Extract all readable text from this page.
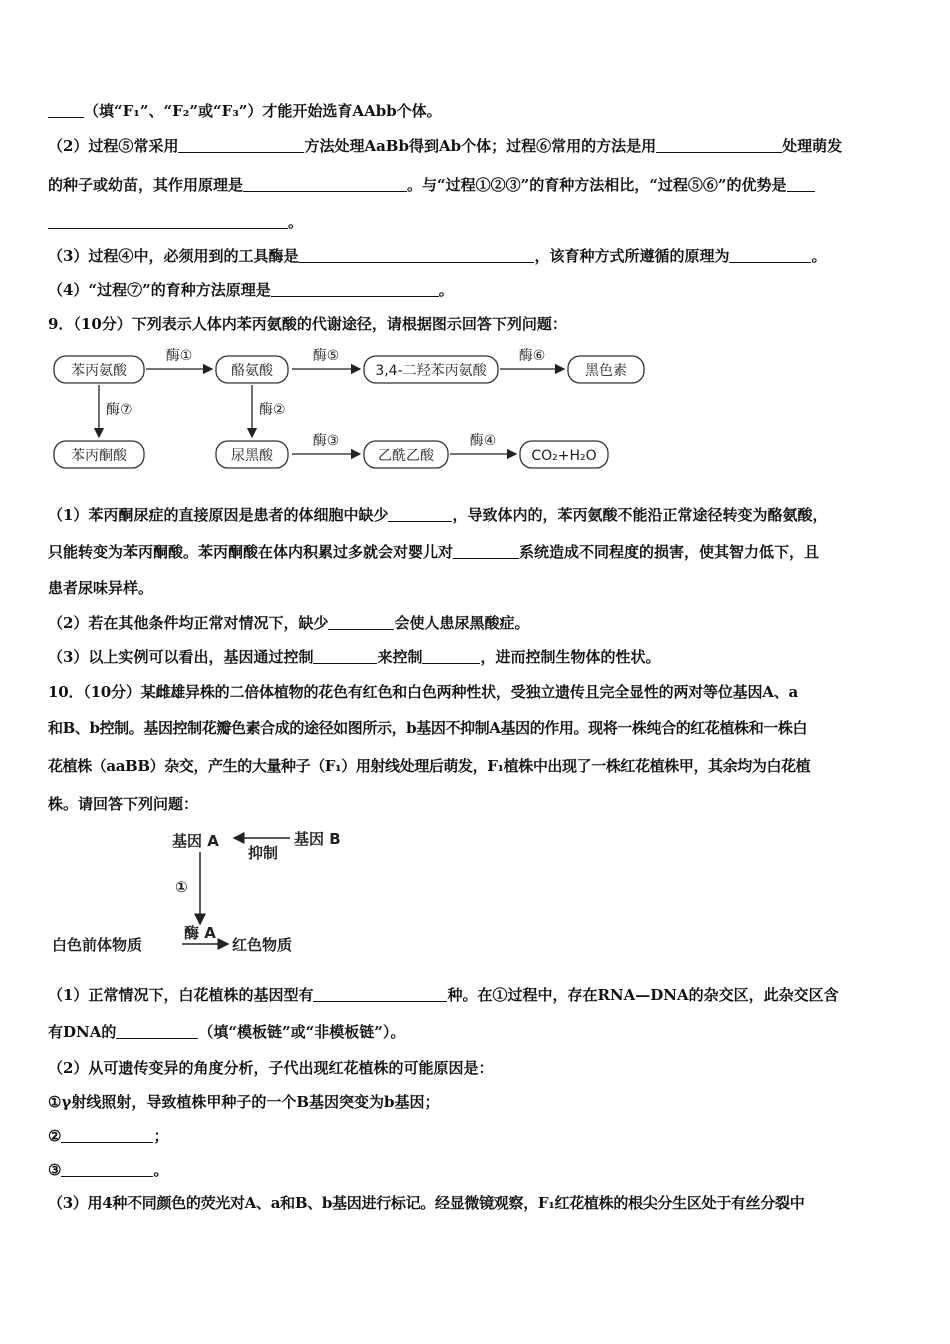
（填“F₁”、“F₂”或“F₃”）才能开始选育AAbb个体。
（2）过程⑤常采用	方法处理AaBb得到Ab个体；过程⑥常用的方法是用	处理萌发
的种子或幼苗，其作用原理是	。与“过程①②③”的育种方法相比，“过程⑤⑥”的优势是
。
（3）过程④中，必须用到的工具酶是	，该育种方式所遵循的原理为	。
（4）“过程⑦”的育种方法原理是	。
9．（10分）下列表示人体内苯丙氨酸的代谢途径，请根据图示回答下列问题：
苯丙氨酸	酪氨酸	3,4-二羟苯丙氨酸	黑色素
苯丙酮酸	尿黑酸	乙酰乙酸	CO₂+H₂O
酶①	酶⑤	酶⑥
酶⑦	酶②
酶③	酶④
（1）苯丙酮尿症的直接原因是患者的体细胞中缺少	，导致体内的，苯丙氨酸不能沿正常途径转变为酪氨酸，
只能转变为苯丙酮酸。苯丙酮酸在体内积累过多就会对婴儿对	系统造成不同程度的损害，使其智力低下，且
患者尿味异样。
（2）若在其他条件均正常对情况下，缺少	会使人患尿黑酸症。
（3）以上实例可以看出，基因通过控制	来控制	，进而控制生物体的性状。
10．（10分）某雌雄异株的二倍体植物的花色有红色和白色两种性状，受独立遗传且完全显性的两对等位基因A、a
和B、b控制。基因控制花瓣色素合成的途径如图所示，b基因不抑制A基因的作用。现将一株纯合的红花植株和一株白
花植株（aaBB）杂交，产生的大量种子（F₁）用射线处理后萌发，F₁植株中出现了一株红花植株甲，其余均为白花植
株。请回答下列问题：
基因 A	基因 B
抑制
①
白色前体物质
酶 A
红色物质
（1）正常情况下，白花植株的基因型有	种。在①过程中，存在RNA—DNA的杂交区，此杂交区含
有DNA的	（填“模板链”或“非模板链”）。
（2）从可遗传变异的角度分析，子代出现红花植株的可能原因是：
①γ射线照射，导致植株甲种子的一个B基因突变为b基因；
②	；
③	。
（3）用4种不同颜色的荧光对A、a和B、b基因进行标记。经显微镜观察，F₁红花植株的根尖分生区处于有丝分裂中
